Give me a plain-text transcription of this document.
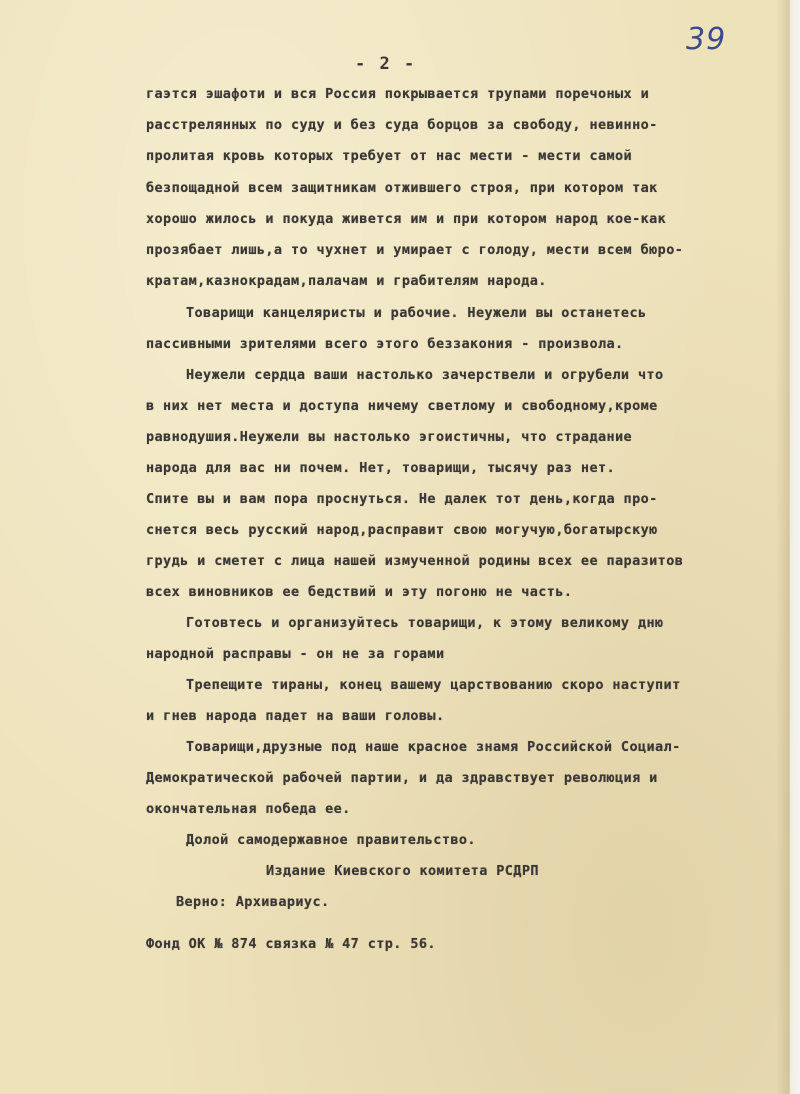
39
- 2 -
гаэтся эшафоти и вся Россия покрывается трупами поречоных и
расстрелянных по суду и без суда борцов за свободу, невинно-
пролитая кровь которых требует от нас мести - мести самой
безпощадной всем защитникам отжившего строя, при котором так
хорошо жилось и покуда живется им и при котором народ кое-как
прозябает лишь,а то чухнет и умирает с голоду, мести всем бюро-
кратам,казнокрадам,палачам и грабителям народа.
Товарищи канцеляристы и рабочие. Неужели вы останетесь
пассивными зрителями всего этого беззакония - произвола.
Неужели сердца ваши настолько зачерствели и огрубели что
в них нет места и доступа ничему светлому и свободному,кроме
равнодушия.Неужели вы настолько эгоистичны, что страдание
народа для вас ни почем. Нет, товарищи, тысячу раз нет.
Спите вы и вам пора проснуться. Не далек тот день,когда про-
снется весь русский народ,расправит свою могучую,богатырскую
грудь и сметет с лица нашей измученной родины всех ее паразитов
всех виновников ее бедствий и эту погоню не часть.
Готовтесь и организуйтесь товарищи, к этому великому дню
народной расправы - он не за горами
Трепещите тираны, конец вашему царствованию скоро наступит
и гнев народа падет на ваши головы.
Товарищи,друзные под наше красное знамя Российской Социал-
Демократической рабочей партии, и да здравствует революция и
окончательная победа ее.
Долой самодержавное правительство.
Издание Киевского комитета РСДРП
Верно: Архивариус.
Фонд ОК № 874 связка № 47 стр. 56.
